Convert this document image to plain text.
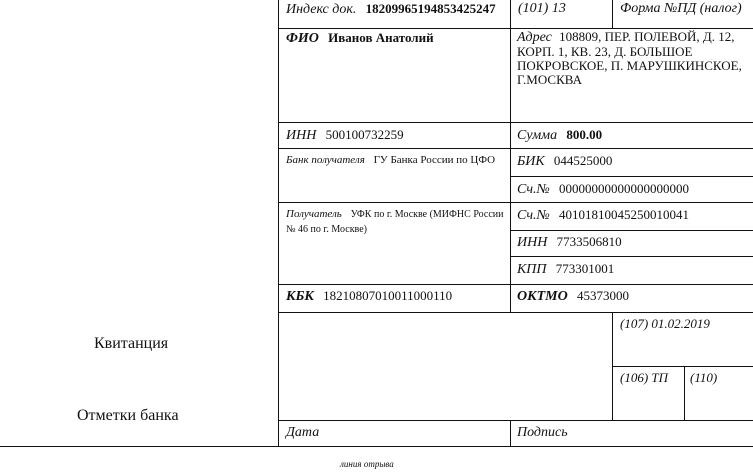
Индекс док. 18209965194853425247 (101) 13	Форма №ПД (налог)
ФИО Иванов Анатолий	Адрес 108809, ПЕР. ПОЛЕВОЙ, Д. 12, КОРП. 1, КВ. 23, Д. БОЛЬШОЕ ПОКРОВСКОЕ, П. МАРУШКИНСКОЕ, Г.МОСКВА
ИНН 500100732259	Сумма 800.00
Банк получателя ГУ Банка России по ЦФО	БИК 044525000
Сч.№ 00000000000000000000
Получатель УФК по г. Москве (МИФНС России № 46 по г. Москве)
Сч.№ 40101810045250010041
ИНН 7733506810
КПП 773301001
КБК 18210807010011000110	ОКТМО 45373000
(107) 01.02.2019
(106) ТП (110)
Дата	Подпись
Квитанция
Отметки банка
линия отрыва
